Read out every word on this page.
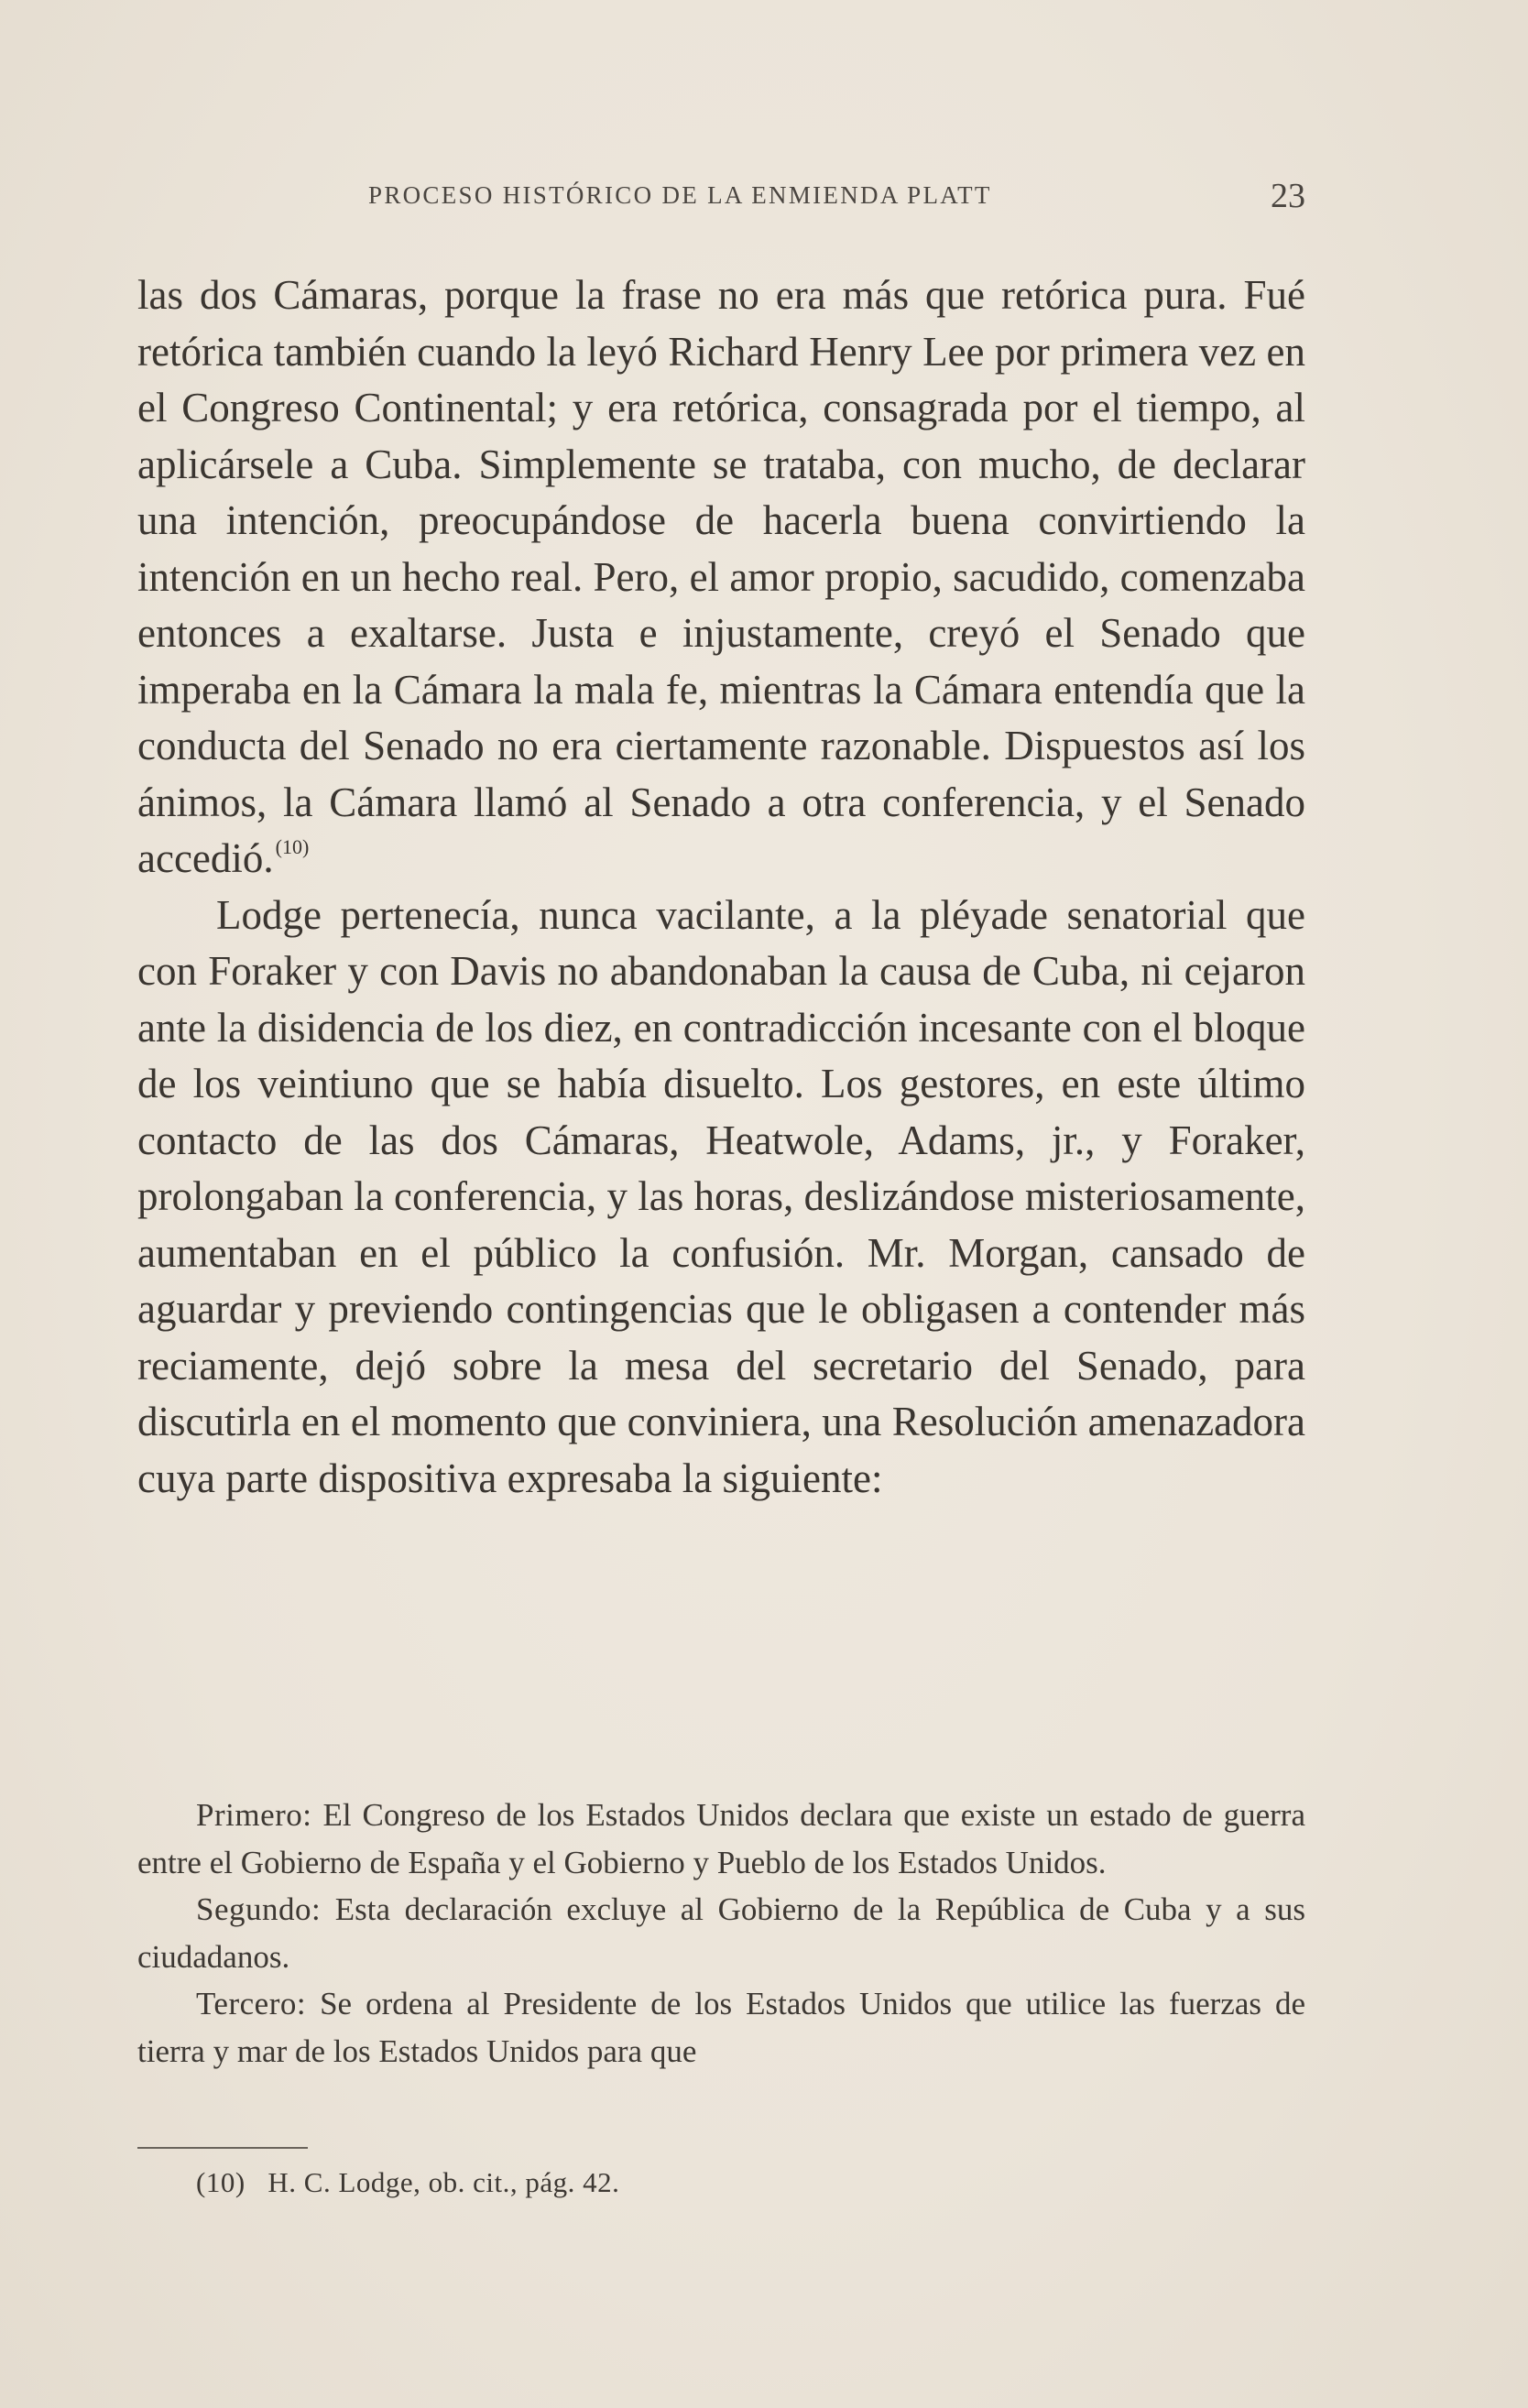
PROCESO HISTÓRICO DE LA ENMIENDA PLATT	23

las dos Cámaras, porque la frase no era más que retórica pura. Fué retórica también cuando la leyó Richard Henry Lee por primera vez en el Congreso Continental; y era retórica, consagrada por el tiempo, al aplicársele a Cuba. Simplemente se trataba, con mucho, de declarar una intención, preocupándose de hacerla buena convirtiendo la intención en un hecho real. Pero, el amor propio, sacudido, comenzaba entonces a exaltarse. Justa e injustamente, creyó el Senado que imperaba en la Cámara la mala fe, mientras la Cámara entendía que la conducta del Senado no era ciertamente razonable. Dispuestos así los ánimos, la Cámara llamó al Senado a otra conferencia, y el Senado accedió.$^{(10)}$

Lodge pertenecía, nunca vacilante, a la pléyade senatorial que con Foraker y con Davis no abandonaban la causa de Cuba, ni cejaron ante la disidencia de los diez, en contradicción incesante con el bloque de los veintiuno que se había disuelto. Los gestores, en este último contacto de las dos Cámaras, Heatwole, Adams, jr., y Foraker, prolongaban la conferencia, y las horas, deslizándose misteriosamente, aumentaban en el público la confusión. Mr. Morgan, cansado de aguardar y previendo contingencias que le obligasen a contender más reciamente, dejó sobre la mesa del secretario del Senado, para discutirla en el momento que conviniera, una Resolución amenazadora cuya parte dispositiva expresaba la siguiente:

Primero: El Congreso de los Estados Unidos declara que existe un estado de guerra entre el Gobierno de España y el Gobierno y Pueblo de los Estados Unidos.

Segundo: Esta declaración excluye al Gobierno de la República de Cuba y a sus ciudadanos.

Tercero: Se ordena al Presidente de los Estados Unidos que utilice las fuerzas de tierra y mar de los Estados Unidos para que

(10)   H. C. Lodge, ob. cit., pág. 42.
